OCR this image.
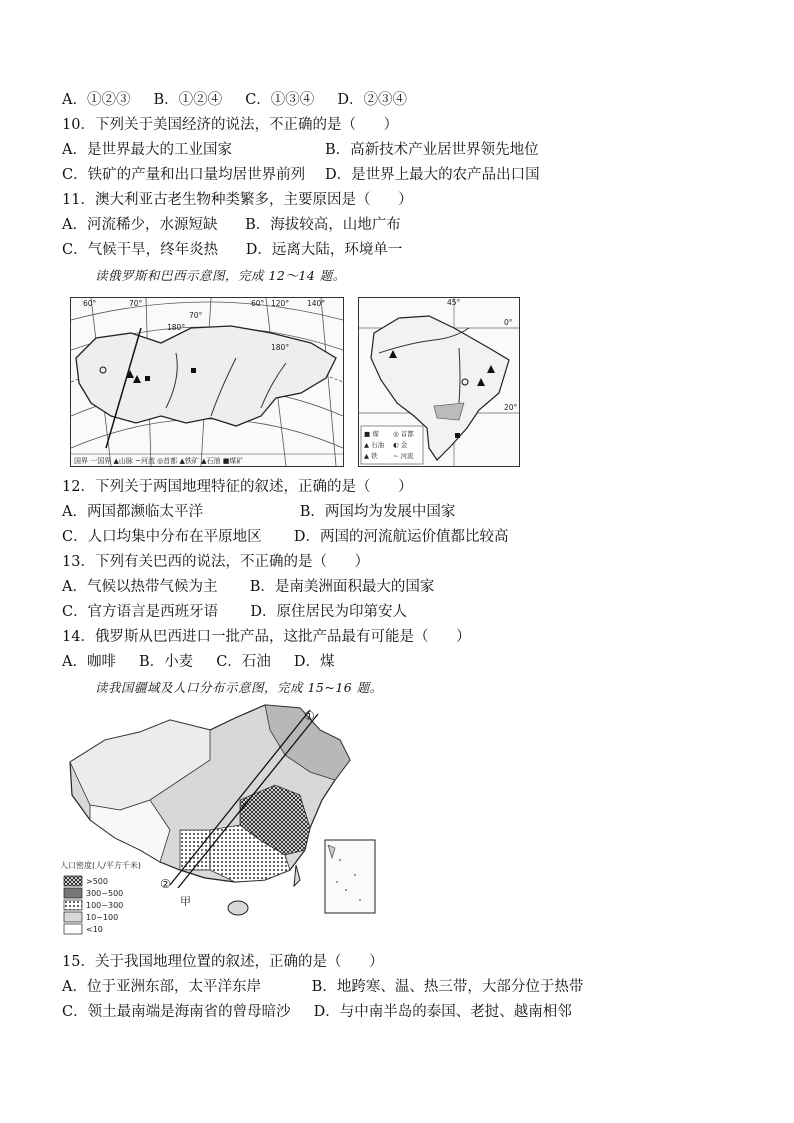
A．①②③     B．①②④     C．①③④     D．②③④
10．下列关于美国经济的说法，不正确的是（      ）
A．是世界最大的工业国家	B．高新技术产业居世界领先地位
C．铁矿的产量和出口量均居世界前列 D．是世界上最大的农产品出口国
11．澳大利亚古老生物种类繁多，主要原因是（      ）
A．河流稀少，水源短缺      B．海拔较高，山地广布
C．气候干旱，终年炎热      D．远离大陆，环境单一
读俄罗斯和巴西示意图，完成 12～14 题。
60°	70°	120°
60°	140°
70°
180°
180°
国界 一国界 ▲山脉 ~河流 ◎首都 ▲铁矿 ▲石油 ■煤矿
45°
0°
20°
■ 煤
▲ 石油
▲ 铁
◎ 首都
◐ 金
~ 河流
12．下列关于两国地理特征的叙述，正确的是（      ）
A．两国都濒临太平洋                     B．两国均为发展中国家
C．人口均集中分布在平原地区       D．两国的河流航运价值都比较高
13．下列有关巴西的说法，不正确的是（      ）
A．气候以热带气候为主       B．是南美洲面积最大的国家
C．官方语言是西班牙语       D．原住居民为印第安人
14．俄罗斯从巴西进口一批产品，这批产品最有可能是（      ）
A．咖啡     B．小麦     C．石油     D．煤
读我国疆域及人口分布示意图，完成 15~16 题。
①
②
甲
人口密度(人/平方千米)
>500
300~500
100~300
10~100
<10
15．关于我国地理位置的叙述，正确的是（      ）
A．位于亚洲东部，太平洋东岸           B．地跨寒、温、热三带，大部分位于热带
C．领土最南端是海南省的曾母暗沙     D．与中南半岛的泰国、老挝、越南相邻
